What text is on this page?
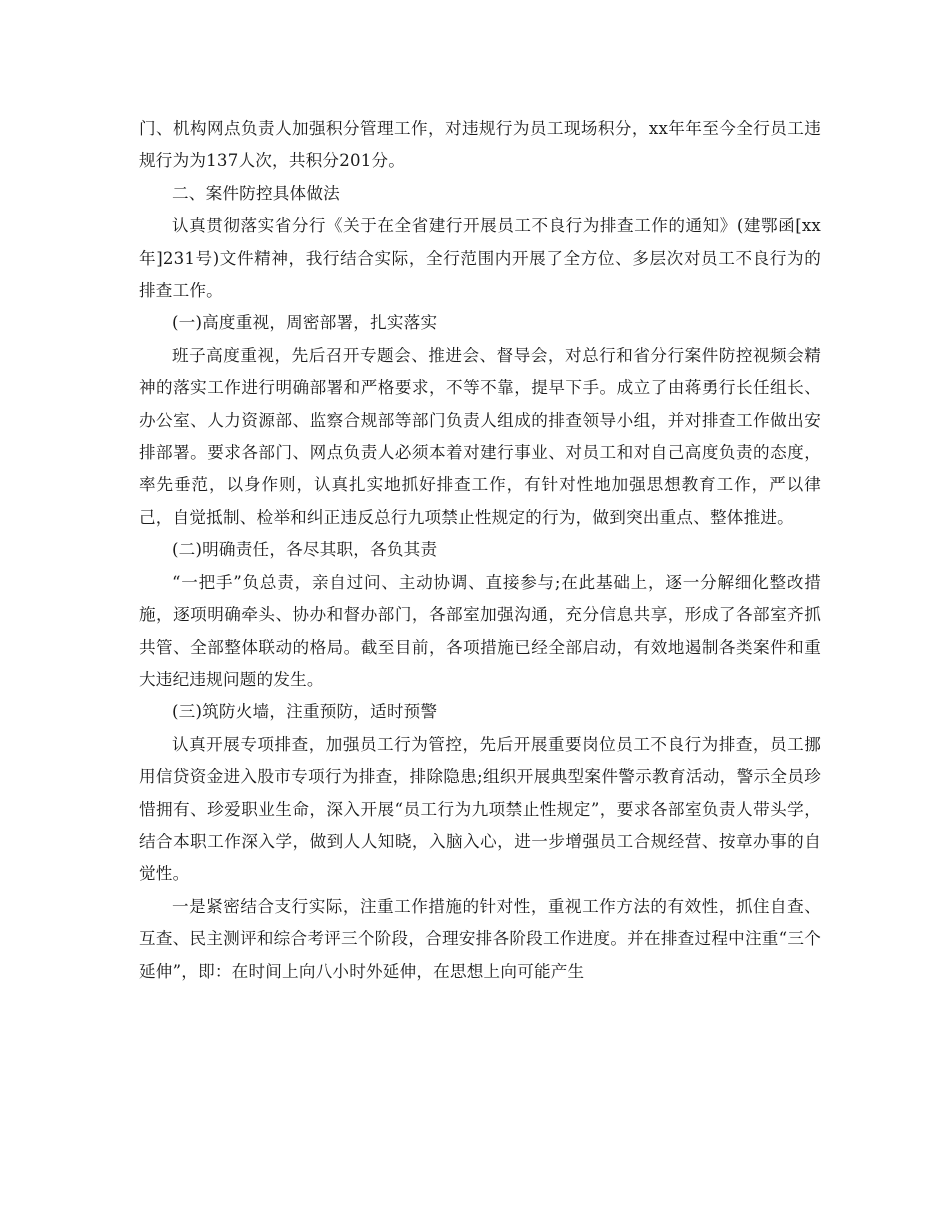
门、机构网点负责人加强积分管理工作，对违规行为员工现场积分，xx年年至今全行员工违规行为为137人次，共积分201分。

二、案件防控具体做法

认真贯彻落实省分行《关于在全省建行开展员工不良行为排查工作的通知》(建鄂函[xx年]231号)文件精神，我行结合实际，全行范围内开展了全方位、多层次对员工不良行为的排查工作。

(一)高度重视，周密部署，扎实落实

班子高度重视，先后召开专题会、推进会、督导会，对总行和省分行案件防控视频会精神的落实工作进行明确部署和严格要求，不等不靠，提早下手。成立了由蒋勇行长任组长、办公室、人力资源部、监察合规部等部门负责人组成的排查领导小组，并对排查工作做出安排部署。要求各部门、网点负责人必须本着对建行事业、对员工和对自己高度负责的态度，率先垂范，以身作则，认真扎实地抓好排查工作，有针对性地加强思想教育工作，严以律己，自觉抵制、检举和纠正违反总行九项禁止性规定的行为，做到突出重点、整体推进。

(二)明确责任，各尽其职，各负其责

“一把手”负总责，亲自过问、主动协调、直接参与;在此基础上，逐一分解细化整改措施，逐项明确牵头、协办和督办部门，各部室加强沟通，充分信息共享，形成了各部室齐抓共管、全部整体联动的格局。截至目前，各项措施已经全部启动，有效地遏制各类案件和重大违纪违规问题的发生。

(三)筑防火墙，注重预防，适时预警

认真开展专项排查，加强员工行为管控，先后开展重要岗位员工不良行为排查，员工挪用信贷资金进入股市专项行为排查，排除隐患;组织开展典型案件警示教育活动，警示全员珍惜拥有、珍爱职业生命，深入开展“员工行为九项禁止性规定”，要求各部室负责人带头学，结合本职工作深入学，做到人人知晓，入脑入心，进一步增强员工合规经营、按章办事的自觉性。

一是紧密结合支行实际，注重工作措施的针对性，重视工作方法的有效性，抓住自查、互查、民主测评和综合考评三个阶段，合理安排各阶段工作进度。并在排查过程中注重“三个延伸”，即：在时间上向八小时外延伸，在思想上向可能产生
